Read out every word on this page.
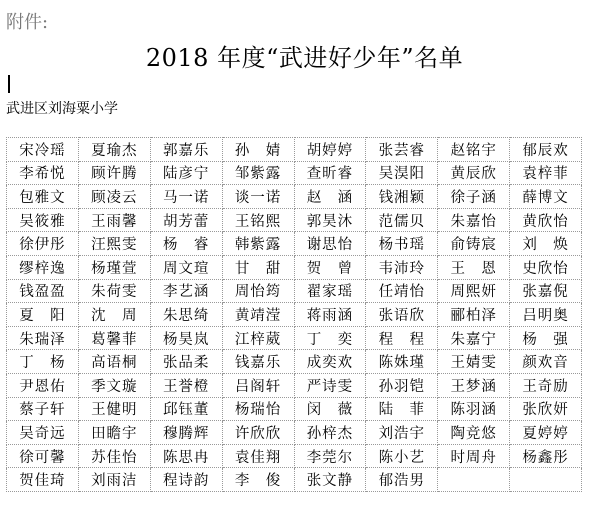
附件:
2018 年度“武进好少年”名单
武进区刘海粟小学
宋冷瑶	夏瑜杰	郭嘉乐	孙　婧	胡婷婷	张芸睿	赵铭宇	郁辰欢
李希悦	顾许腾	陆彦宁	邹紫露	查昕睿	吴淏阳	黄辰欣	袁梓菲
包雅文	顾凌云	马一诺	谈一诺	赵　涵	钱湘颖	徐子涵	薛博文
吴筱雅	王雨馨	胡芳蕾	王铭熙	郭昊沐	范儒贝	朱嘉怡	黄欣怡
徐伊彤	汪熙雯	杨　睿	韩紫露	谢思怡	杨书瑶	俞铸宸	刘　焕
缪梓逸	杨瑾萱	周文瑄	甘　甜	贺　曾	韦沛玲	王　恩	史欣怡
钱盈盈	朱荷雯	李艺涵	周怡筠	翟家瑶	任靖怡	周熙妍	张嘉倪
夏　阳	沈　周	朱思绮	黄靖滢	蒋雨涵	张语欣	郦柏泽	吕明奥
朱瑞泽	葛馨菲	杨昊岚	江梓葳	丁　奕	程　程	朱嘉宁	杨　强
丁　杨	高语桐	张品柔	钱嘉乐	成奕欢	陈姝瑾	王婧雯	颜欢音
尹恩佑	季文璇	王誉橙	吕阁轩	严诗雯	孙羽铠	王梦涵	王奇励
蔡子轩	王健明	邱钰董	杨瑞怡	闵　薇	陆　菲	陈羽涵	张欣妍
吴奇远	田瞻宇	穆腾辉	许欣欣	孙梓杰	刘浩宇	陶竞悠	夏婷婷
徐可馨	苏佳怡	陈思冉	袁佳翔	李莞尔	陈小艺	时周舟	杨鑫彤
贺佳琦	刘雨洁	程诗韵	李　俊	张文静	郁浩男		
